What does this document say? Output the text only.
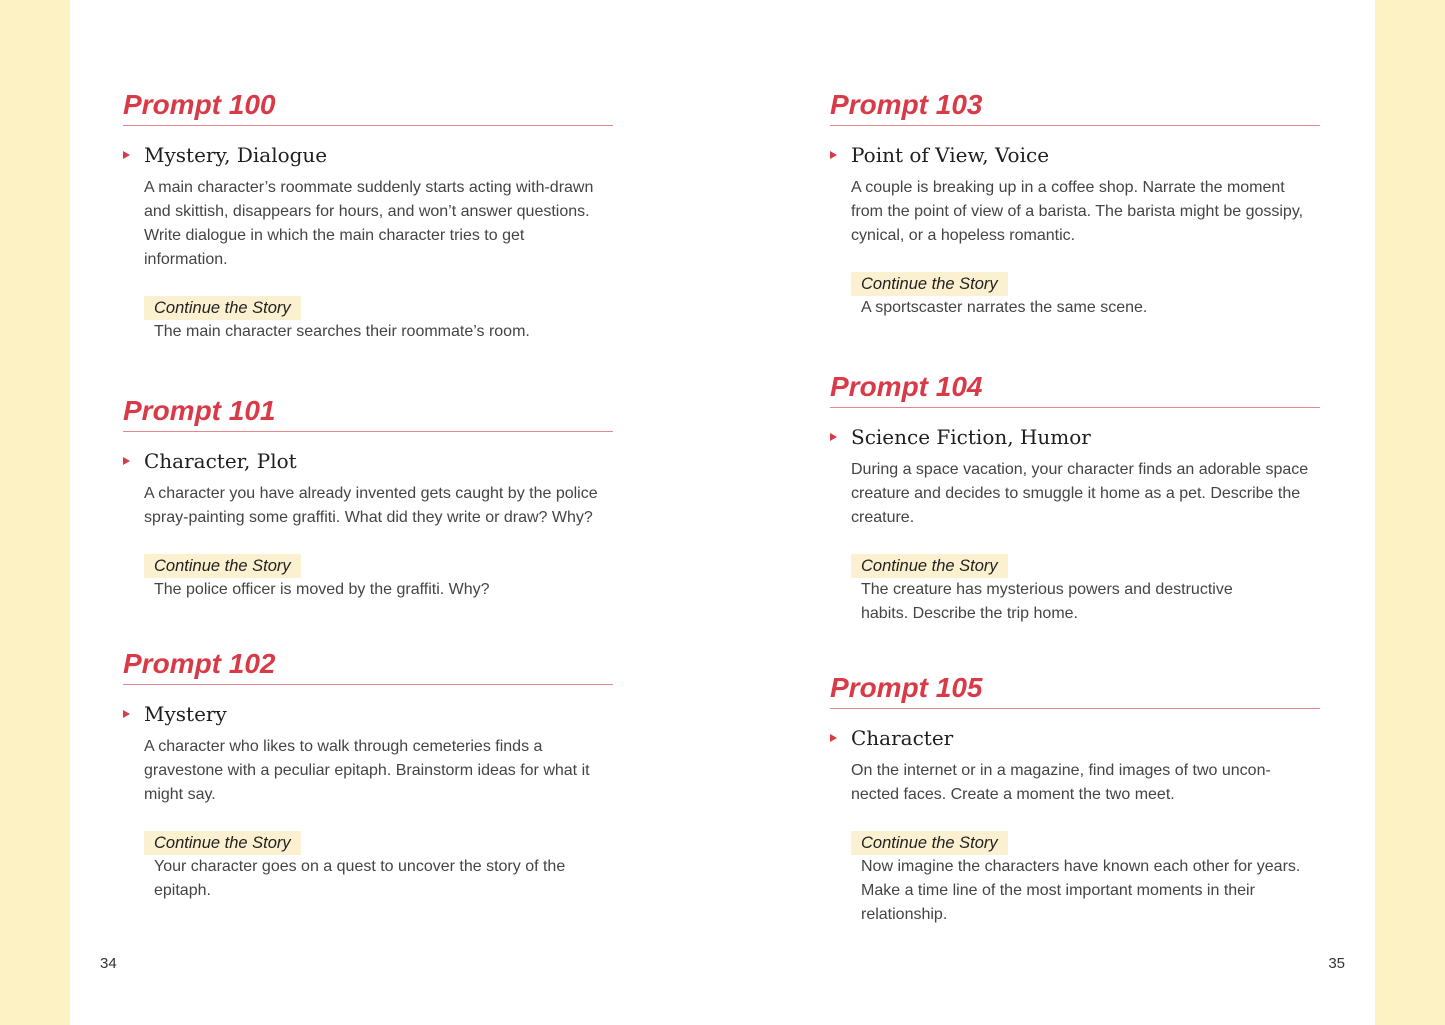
Prompt 100
Mystery, Dialogue

A main character’s roommate suddenly starts acting with-drawn and skittish, disappears for hours, and won’t answer questions. Write dialogue in which the main character tries to get information.

Continue the Story

The main character searches their roommate’s room.

Prompt 101
Character, Plot

A character you have already invented gets caught by the police spray-painting some graffiti. What did they write or draw? Why?

Continue the Story

The police officer is moved by the graffiti. Why?

Prompt 102
Mystery

A character who likes to walk through cemeteries finds a gravestone with a peculiar epitaph. Brainstorm ideas for what it might say.

Continue the Story

Your character goes on a quest to uncover the story of the epitaph.

Prompt 103
Point of View, Voice

A couple is breaking up in a coffee shop. Narrate the moment from the point of view of a barista. The barista might be gossipy, cynical, or a hopeless romantic.

Continue the Story

A sportscaster narrates the same scene.

Prompt 104
Science Fiction, Humor

During a space vacation, your character finds an adorable space creature and decides to smuggle it home as a pet. Describe the creature.

Continue the Story

The creature has mysterious powers and destructive habits. Describe the trip home.

Prompt 105
Character

On the internet or in a magazine, find images of two uncon-nected faces. Create a moment the two meet.

Continue the Story

Now imagine the characters have known each other for years. Make a time line of the most important moments in their relationship.

34	35
